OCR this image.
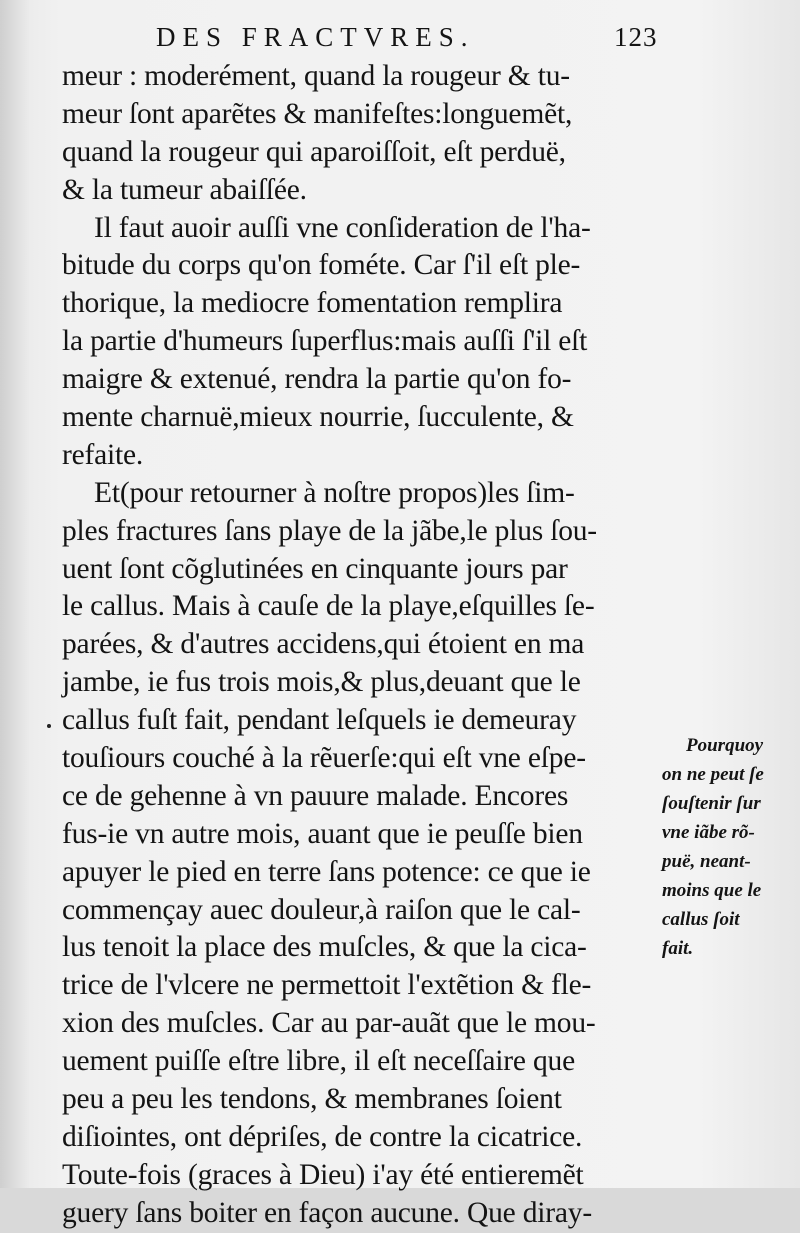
DES FRACTVRES.	123
meur : moderément, quand la rougeur & tu-
meur ſont aparẽtes & manifeſtes:longuemẽt,
quand la rougeur qui aparoiſſoit, eſt perduë,
& la tumeur abaiſſée.
Il faut auoir auſſi vne conſideration de l'ha-
bitude du corps qu'on fométe. Car ſ'il eſt ple-
thorique, la mediocre fomentation remplira
la partie d'humeurs ſuperflus:mais auſſi ſ'il eſt
maigre & extenué, rendra la partie qu'on fo-
mente charnuë,mieux nourrie, ſucculente, &
refaite.
Et(pour retourner à noſtre propos)les ſim-
ples fractures ſans playe de la jãbe,le plus ſou-
uent ſont cõglutinées en cinquante jours par
le callus. Mais à cauſe de la playe,eſquilles ſe-
parées, & d'autres accidens,qui étoient en ma
jambe, ie fus trois mois,& plus,deuant que le
callus fuſt fait, pendant leſquels ie demeuray
touſiours couché à la rẽuerſe:qui eſt vne eſpe-
ce de gehenne à vn pauure malade. Encores
fus-ie vn autre mois, auant que ie peuſſe bien
apuyer le pied en terre ſans potence: ce que ie
commençay auec douleur,à raiſon que le cal-
lus tenoit la place des muſcles, & que la cica-
trice de l'vlcere ne permettoit l'extẽtion & fle-
xion des muſcles. Car au par-auãt que le mou-
uement puiſſe eſtre libre, il eſt neceſſaire que
peu a peu les tendons, & membranes ſoient
diſiointes, ont dépriſes, de contre la cicatrice.
Toute-fois (graces à Dieu) i'ay été entieremẽt
guery ſans boiter en façon aucune. Que diray-
Pourquoy
on ne peut ſe
ſouſtenir ſur
vne iãbe rõ-
puë, neant-
moins que le
callus ſoit
fait.
